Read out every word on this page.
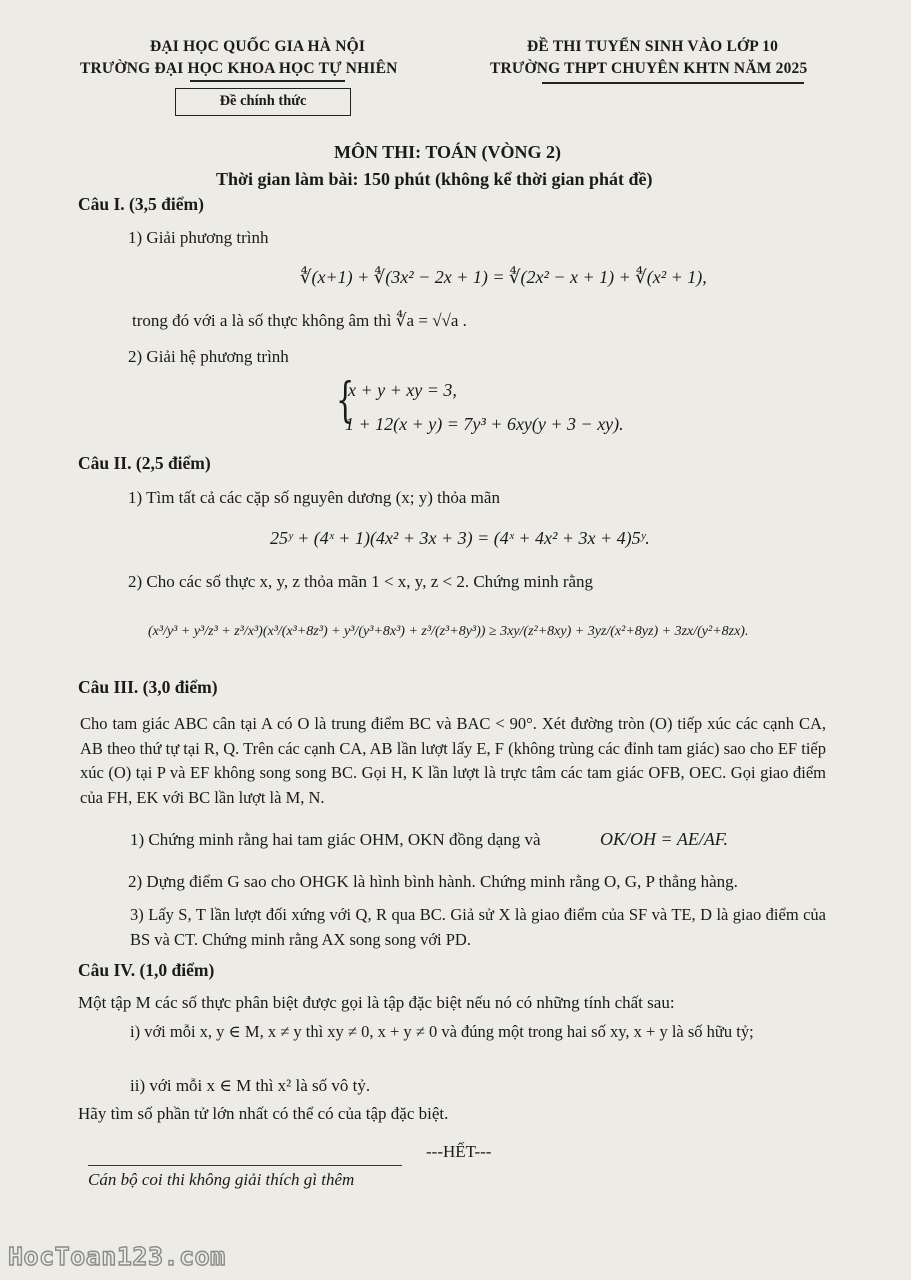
ĐẠI HỌC QUỐC GIA HÀ NỘI
TRƯỜNG ĐẠI HỌC KHOA HỌC TỰ NHIÊN
ĐỀ THI TUYỂN SINH VÀO LỚP 10
TRƯỜNG THPT CHUYÊN KHTN NĂM 2025
Đề chính thức
MÔN THI: TOÁN (VÒNG 2)
Thời gian làm bài: 150 phút (không kể thời gian phát đề)
Câu I. (3,5 điểm)
1) Giải phương trình
∜(x+1) + ∜(3x² − 2x + 1) = ∜(2x² − x + 1) + ∜(x² + 1),
trong đó với a là số thực không âm thì ∜a = √√a .
2) Giải hệ phương trình
{
x + y + xy = 3,
1 + 12(x + y) = 7y³ + 6xy(y + 3 − xy).
Câu II. (2,5 điểm)
1) Tìm tất cả các cặp số nguyên dương (x; y) thỏa mãn
25ʸ + (4ˣ + 1)(4x² + 3x + 3) = (4ˣ + 4x² + 3x + 4)5ʸ.
2) Cho các số thực x, y, z thỏa mãn 1 < x, y, z < 2. Chứng minh rằng
(x³/y³ + y³/z³ + z³/x³)(x³/(x³+8z³) + y³/(y³+8x³) + z³/(z³+8y³)) ≥ 3xy/(z²+8xy) + 3yz/(x²+8yz) + 3zx/(y²+8zx).
Câu III. (3,0 điểm)
Cho tam giác ABC cân tại A có O là trung điểm BC và BAC < 90°. Xét đường tròn (O) tiếp xúc các cạnh CA, AB theo thứ tự tại R, Q. Trên các cạnh CA, AB lần lượt lấy E, F (không trùng các đỉnh tam giác) sao cho EF tiếp xúc (O) tại P và EF không song song BC. Gọi H, K lần lượt là trực tâm các tam giác OFB, OEC. Gọi giao điểm của FH, EK với BC lần lượt là M, N.
1) Chứng minh rằng hai tam giác OHM, OKN đồng dạng và	OK/OH = AE/AF.
2) Dựng điểm G sao cho OHGK là hình bình hành. Chứng minh rằng O, G, P thẳng hàng.
3) Lấy S, T lần lượt đối xứng với Q, R qua BC. Giả sử X là giao điểm của SF và TE, D là giao điểm của BS và CT. Chứng minh rằng AX song song với PD.
Câu IV. (1,0 điểm)
Một tập M các số thực phân biệt được gọi là tập đặc biệt nếu nó có những tính chất sau:
i) với mỗi x, y ∈ M, x ≠ y thì xy ≠ 0, x + y ≠ 0 và đúng một trong hai số xy, x + y là số hữu tỷ;
ii) với mỗi x ∈ M thì x² là số vô tỷ.
Hãy tìm số phần tử lớn nhất có thể có của tập đặc biệt.
---HẾT---
Cán bộ coi thi không giải thích gì thêm
HocToan123.com
